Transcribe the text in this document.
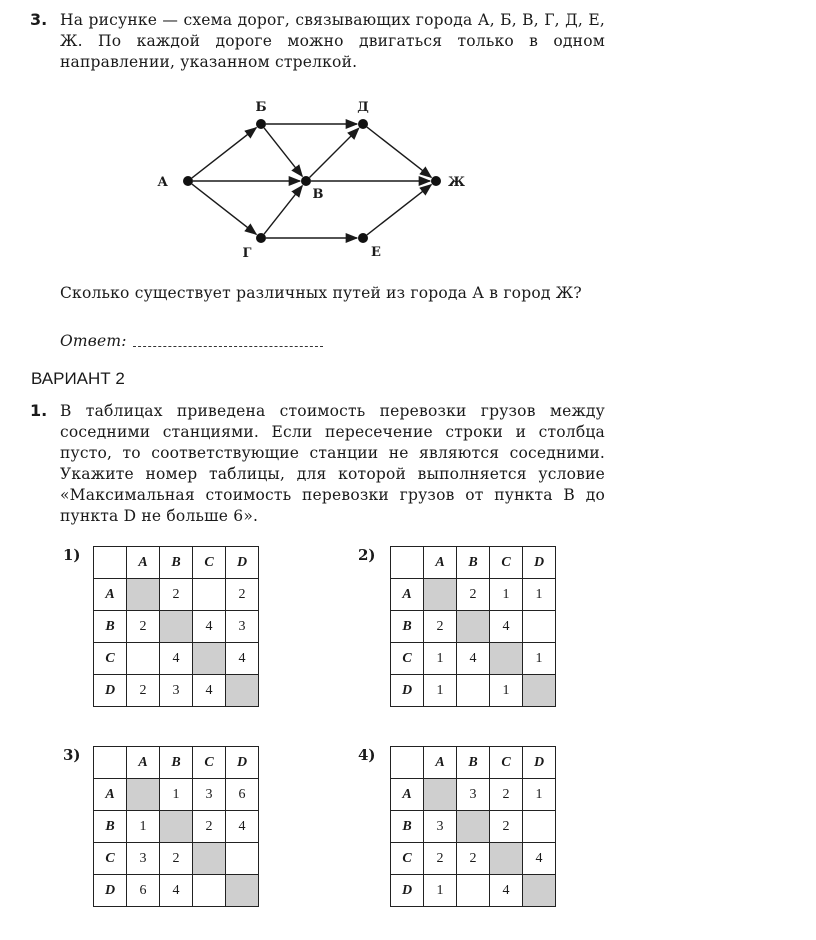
3. На рисунке — схема дорог, связывающих города А, Б, В, Г, Д, Е, Ж. По каждой дороге можно двигаться только в одном направлении, указанном стрелкой.
А
Б
В
Г
Д
Е
Ж
Сколько существует различных путей из города А в город Ж?
Ответ:
ВАРИАНТ 2
1. В таблицах приведена стоимость перевозки грузов между соседними станциями. Если пересечение строки и столбца пусто, то соответствующие станции не являются соседними. Укажите номер таблицы, для которой выполняется условие «Максимальная стоимость перевозки грузов от пункта B до пункта D не больше 6».
1)
		A	B	C	D
A		2		2
B	2		4	3
C		4		4
D	2	3	4	
2)
		A	B	C	D
A		2	1	1
B	2		4	
C	1	4		1
D	1		1	
3)
		A	B	C	D
A		1	3	6
B	1		2	4
C	3	2		
D	6	4		
4)
		A	B	C	D
A		3	2	1
B	3		2	
C	2	2		4
D	1		4	
